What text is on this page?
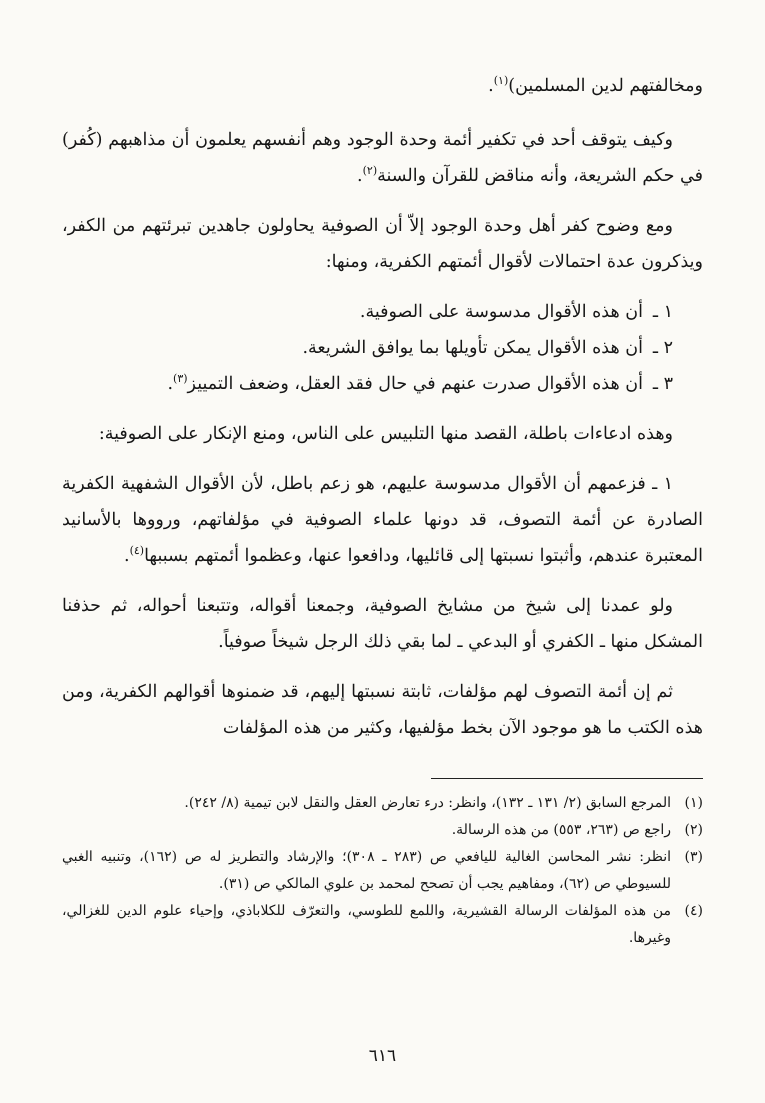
ومخالفتهم لدين المسلمين)$^{(١)}$.

وكيف يتوقف أحد في تكفير أئمة وحدة الوجود وهم أنفسهم يعلمون أن مذاهبهم (كُفر) في حكم الشريعة، وأنه مناقض للقرآن والسنة$^{(٢)}$.

ومع وضوح كفر أهل وحدة الوجود إلاّ أن الصوفية يحاولون جاهدين تبرئتهم من الكفر، ويذكرون عدة احتمالات لأقوال أئمتهم الكفرية، ومنها:

١ ـأن هذه الأقوال مدسوسة على الصوفية.
٢ ـأن هذه الأقوال يمكن تأويلها بما يوافق الشريعة.
٣ ـأن هذه الأقوال صدرت عنهم في حال فقد العقل، وضعف التمييز$^{(٣)}$.

وهذه ادعاءات باطلة، القصد منها التلبيس على الناس، ومنع الإنكار على الصوفية:

١ ـ فزعمهم أن الأقوال مدسوسة عليهم، هو زعم باطل، لأن الأقوال الشفهية الكفرية الصادرة عن أئمة التصوف، قد دونها علماء الصوفية في مؤلفاتهم، ورووها بالأسانيد المعتبرة عندهم، وأثبتوا نسبتها إلى قائليها، ودافعوا عنها، وعظموا أئمتهم بسببها$^{(٤)}$.

ولو عمدنا إلى شيخ من مشايخ الصوفية، وجمعنا أقواله، وتتبعنا أحواله، ثم حذفنا المشكل منها ـ الكفري أو البدعي ـ لما بقي ذلك الرجل شيخاً صوفياً.

ثم إن أئمة التصوف لهم مؤلفات، ثابتة نسبتها إليهم، قد ضمنوها أقوالهم الكفرية، ومن هذه الكتب ما هو موجود الآن بخط مؤلفيها، وكثير من هذه المؤلفات

(١)
المرجع السابق (٢/ ١٣١ ـ ١٣٢)، وانظر: درء تعارض العقل والنقل لابن تيمية (٨/ ٢٤٢).
(٢)
راجع ص (٢٦٣، ٥٥٣) من هذه الرسالة.
(٣)
انظر: نشر المحاسن الغالية لليافعي ص (٢٨٣ ـ ٣٠٨)؛ والإرشاد والتطريز له ص (١٦٢)، وتنبيه الغبي للسيوطي ص (٦٢)، ومفاهيم يجب أن تصحح لمحمد بن علوي المالكي ص (٣١).
(٤)
من هذه المؤلفات الرسالة القشيرية، واللمع للطوسي، والتعرّف للكلاباذي، وإحياء علوم الدين للغزالي، وغيرها.
٦١٦
